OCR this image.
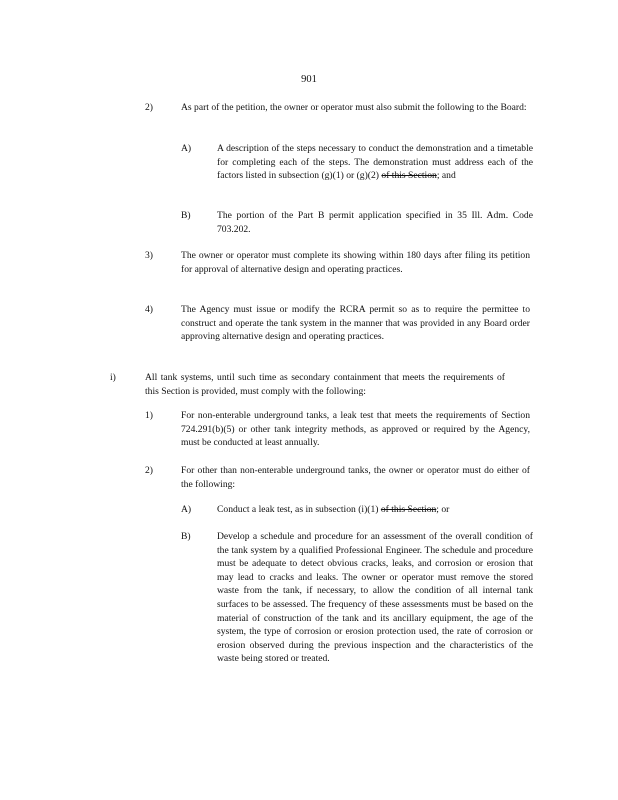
901
2)	As part of the petition, the owner or operator must also submit the following to the Board:
A)	A description of the steps necessary to conduct the demonstration and a timetable for completing each of the steps. The demonstration must address each of the factors listed in subsection (g)(1) or (g)(2) of this Section; and
B)	The portion of the Part B permit application specified in 35 Ill. Adm. Code 703.202.
3)	The owner or operator must complete its showing within 180 days after filing its petition for approval of alternative design and operating practices.
4)	The Agency must issue or modify the RCRA permit so as to require the permittee to construct and operate the tank system in the manner that was provided in any Board order approving alternative design and operating practices.
i)	All tank systems, until such time as secondary containment that meets the requirements of this Section is provided, must comply with the following:
1)	For non-enterable underground tanks, a leak test that meets the requirements of Section 724.291(b)(5) or other tank integrity methods, as approved or required by the Agency, must be conducted at least annually.
2)	For other than non-enterable underground tanks, the owner or operator must do either of the following:
A)	Conduct a leak test, as in subsection (i)(1) of this Section; or
B)	Develop a schedule and procedure for an assessment of the overall condition of the tank system by a qualified Professional Engineer. The schedule and procedure must be adequate to detect obvious cracks, leaks, and corrosion or erosion that may lead to cracks and leaks. The owner or operator must remove the stored waste from the tank, if necessary, to allow the condition of all internal tank surfaces to be assessed. The frequency of these assessments must be based on the material of construction of the tank and its ancillary equipment, the age of the system, the type of corrosion or erosion protection used, the rate of corrosion or erosion observed during the previous inspection and the characteristics of the waste being stored or treated.
